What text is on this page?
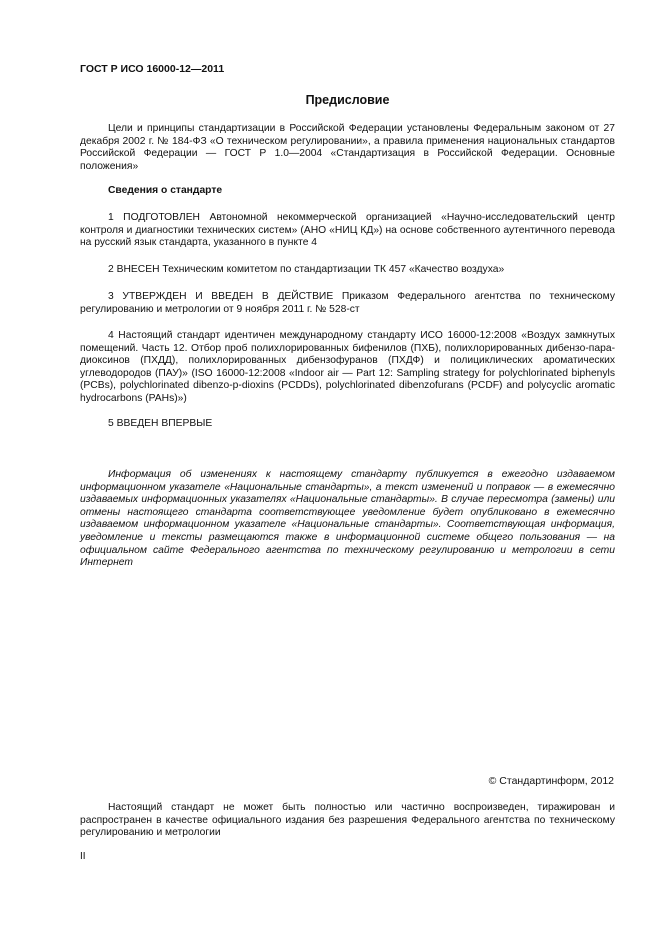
ГОСТ Р ИСО 16000-12—2011
Предисловие

Цели и принципы стандартизации в Российской Федерации установлены Федеральным законом от 27 декабря 2002 г. № 184-ФЗ «О техническом регулировании», а правила применения национальных стандартов Российской Федерации — ГОСТ Р 1.0—2004 «Стандартизация в Российской Федерации. Основные положения»

Сведения о стандарте

1 ПОДГОТОВЛЕН Автономной некоммерческой организацией «Научно-исследовательский центр контроля и диагностики технических систем» (АНО «НИЦ КД») на основе собственного аутентичного перевода на русский язык стандарта, указанного в пункте 4

2 ВНЕСЕН Техническим комитетом по стандартизации ТК 457 «Качество воздуха»

3 УТВЕРЖДЕН И ВВЕДЕН В ДЕЙСТВИЕ Приказом Федерального агентства по техническому регулированию и метрологии от 9 ноября 2011 г. № 528-ст

4 Настоящий стандарт идентичен международному стандарту ИСО 16000-12:2008 «Воздух замкнутых помещений. Часть 12. Отбор проб полихлорированных бифенилов (ПХБ), полихлорированных дибензо-пара-диоксинов (ПХДД), полихлорированных дибензофуранов (ПХДФ) и полициклических ароматических углеводородов (ПАУ)» (ISO 16000-12:2008 «Indoor air — Part 12: Sampling strategy for polychlorinated biphenyls (PCBs), polychlorinated dibenzo-p-dioxins (PCDDs), polychlorinated dibenzofurans (PCDF) and polycyclic aromatic hydrocarbons (PAHs)»)

5 ВВЕДЕН ВПЕРВЫЕ

Информация об изменениях к настоящему стандарту публикуется в ежегодно издаваемом информационном указателе «Национальные стандарты», а текст изменений и поправок — в ежемесячно издаваемых информационных указателях «Национальные стандарты». В случае пересмотра (замены) или отмены настоящего стандарта соответствующее уведомление будет опубликовано в ежемесячно издаваемом информационном указателе «Национальные стандарты». Соответствующая информация, уведомление и тексты размещаются также в информационной системе общего пользования — на официальном сайте Федерального агентства по техническому регулированию и метрологии в сети Интернет

© Стандартинформ, 2012

Настоящий стандарт не может быть полностью или частично воспроизведен, тиражирован и распространен в качестве официального издания без разрешения Федерального агентства по техническому регулированию и метрологии

II
